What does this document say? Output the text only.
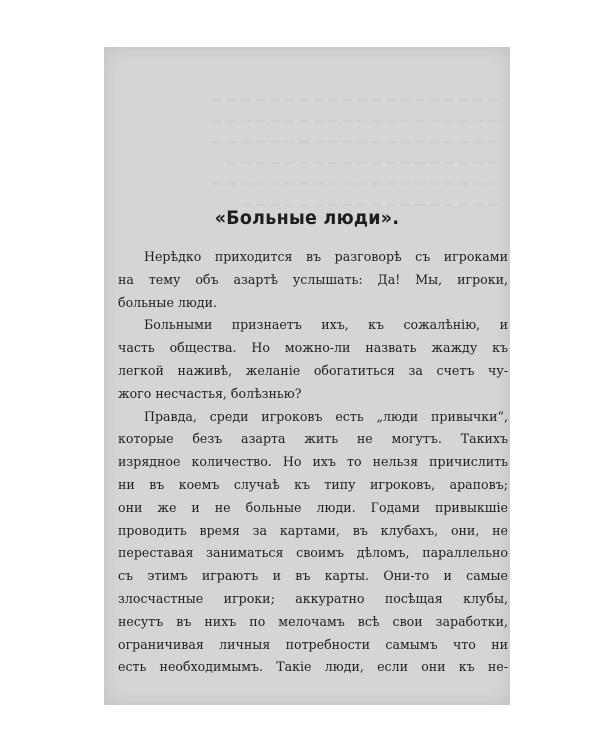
— — — — — — — — — — — — — — — — — — — —
— — — — — — — — — — — — — — — — — — — —
— — — — — — — — — — — — — — — — — — — —
— — — — — — — — — — — — — — — — — — —
— — — — — — — — — — — — — — — — — — — —
— — — — — — — — — — — — — — — — — —
«Больные люди».
Нерѣдко приходится въ разговорѣ съ игроками
на тему объ азартѣ услышать: Да! Мы, игроки,
больные люди.
Больными признаетъ ихъ, къ сожалѣнію, и
часть общества. Но можно-ли назвать жажду къ
легкой наживѣ, желаніе обогатиться за счетъ чу-
жого несчастья, болѣзнью?
Правда, среди игроковъ есть „люди привычки“,
которые безъ азарта жить не могутъ. Такихъ
изрядное количество. Но ихъ то нельзя причислить
ни въ коемъ случаѣ къ типу игроковъ, араповъ;
они же и не больные люди. Годами привыкшіе
проводить время за картами, въ клубахъ, они, не
переставая заниматься своимъ дѣломъ, параллельно
съ этимъ играютъ и въ карты. Они-то и самые
злосчастные игроки; аккуратно посѣщая клубы,
несутъ въ нихъ по мелочамъ всѣ свои заработки,
ограничивая личныя потребности самымъ что ни
есть необходимымъ. Такіе люди, если они къ не-
